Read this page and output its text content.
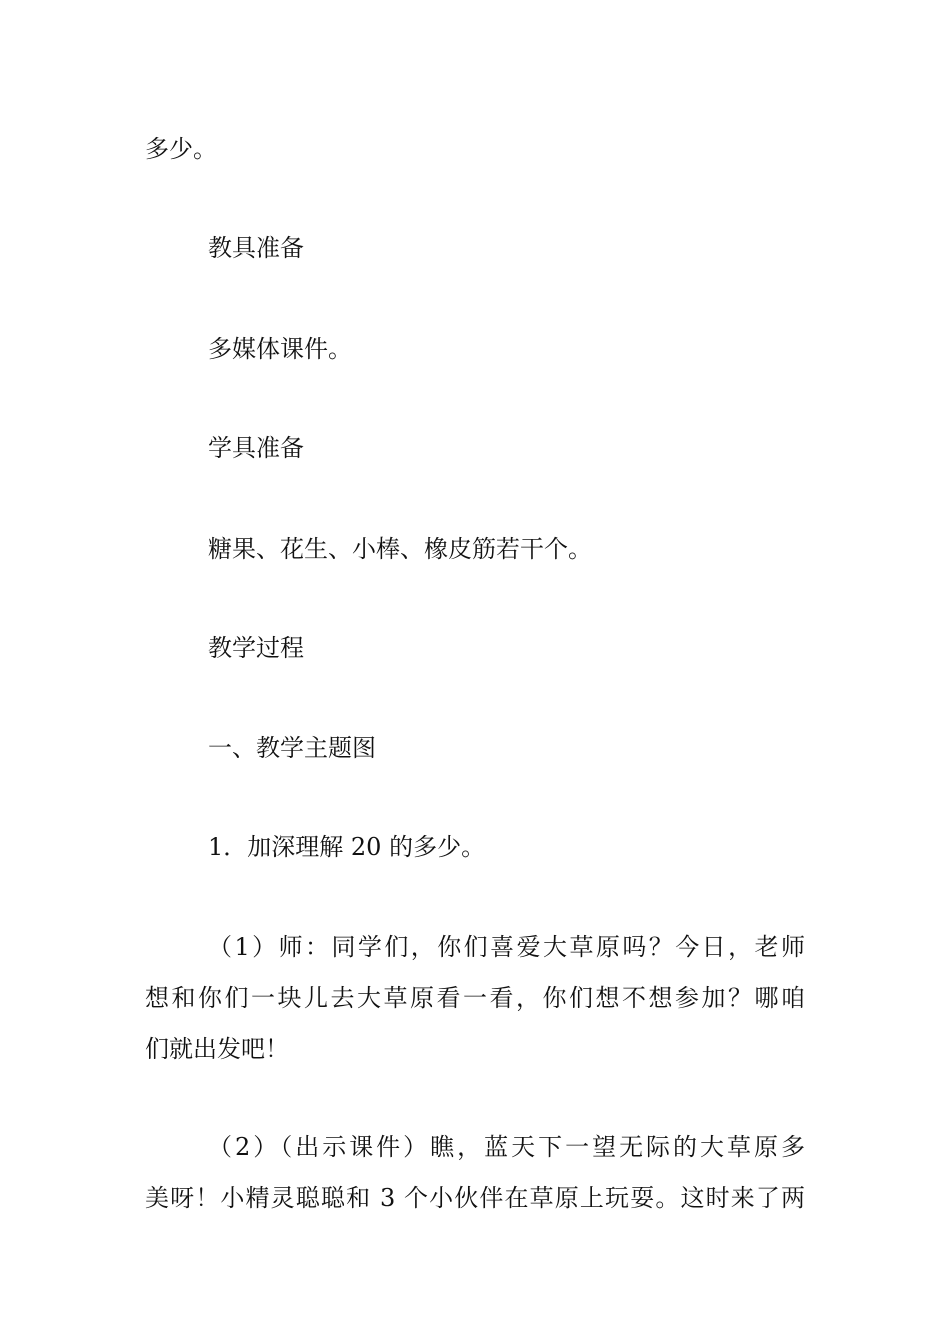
多少。

教具准备

多媒体课件。

学具准备

糖果、花生、小棒、橡皮筋若干个。

教学过程

一、教学主题图

1．加深理解 20 的多少。

（1）师：同学们，你们喜爱大草原吗？今日，老师

想和你们一块儿去大草原看一看，你们想不想参加？哪咱

们就出发吧！

（2）（出示课件）瞧，蓝天下一望无际的大草原多

美呀！小精灵聪聪和 3 个小伙伴在草原上玩耍。这时来了两
